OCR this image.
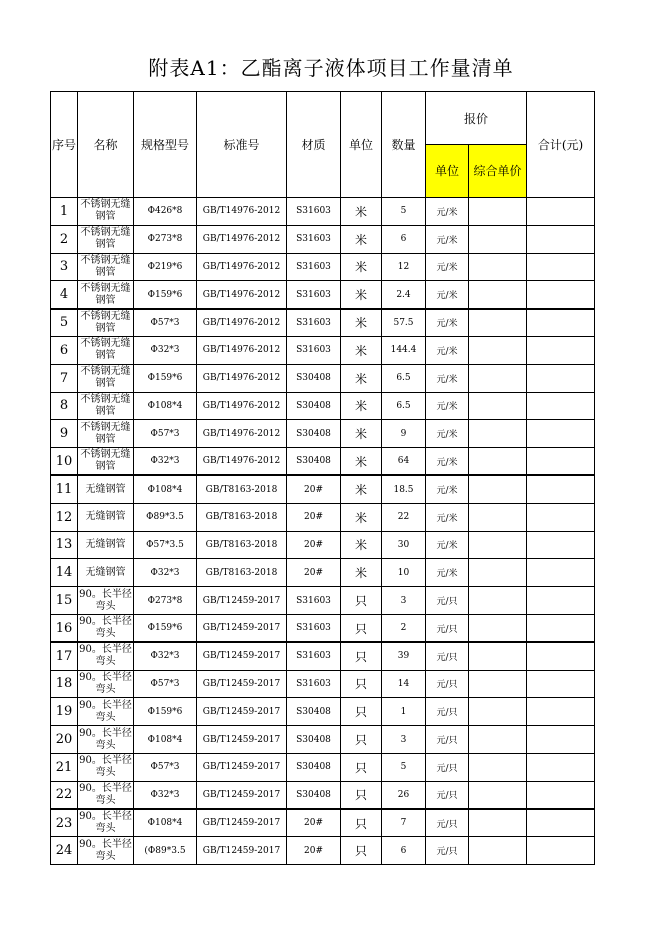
附表A1：乙酯离子液体项目工作量清单
序号	名称	规格型号	标准号	材质	单位	数量	报价		合计(元)
							单位	综合单价	
1	不锈钢无缝钢管	Φ426*8	GB/T14976-2012	S31603	米	5	元/米		
2	不锈钢无缝钢管	Φ273*8	GB/T14976-2012	S31603	米	6	元/米		
3	不锈钢无缝钢管	Φ219*6	GB/T14976-2012	S31603	米	12	元/米		
4	不锈钢无缝钢管	Φ159*6	GB/T14976-2012	S31603	米	2.4	元/米		
5	不锈钢无缝钢管	Φ57*3	GB/T14976-2012	S31603	米	57.5	元/米		
6	不锈钢无缝钢管	Φ32*3	GB/T14976-2012	S31603	米	144.4	元/米		
7	不锈钢无缝钢管	Φ159*6	GB/T14976-2012	S30408	米	6.5	元/米		
8	不锈钢无缝钢管	Φ108*4	GB/T14976-2012	S30408	米	6.5	元/米		
9	不锈钢无缝钢管	Φ57*3	GB/T14976-2012	S30408	米	9	元/米		
10	不锈钢无缝钢管	Φ32*3	GB/T14976-2012	S30408	米	64	元/米		
11	无缝钢管	Φ108*4	GB/T8163-2018	20#	米	18.5	元/米		
12	无缝钢管	Φ89*3.5	GB/T8163-2018	20#	米	22	元/米		
13	无缝钢管	Φ57*3.5	GB/T8163-2018	20#	米	30	元/米		
14	无缝钢管	Φ32*3	GB/T8163-2018	20#	米	10	元/米		
15	90。长半径弯头	Φ273*8	GB/T12459-2017	S31603	只	3	元/只		
16	90。长半径弯头	Φ159*6	GB/T12459-2017	S31603	只	2	元/只		
17	90。长半径弯头	Φ32*3	GB/T12459-2017	S31603	只	39	元/只		
18	90。长半径弯头	Φ57*3	GB/T12459-2017	S31603	只	14	元/只		
19	90。长半径弯头	Φ159*6	GB/T12459-2017	S30408	只	1	元/只		
20	90。长半径弯头	Φ108*4	GB/T12459-2017	S30408	只	3	元/只		
21	90。长半径弯头	Φ57*3	GB/T12459-2017	S30408	只	5	元/只		
22	90。长半径弯头	Φ32*3	GB/T12459-2017	S30408	只	26	元/只		
23	90。长半径弯头	Φ108*4	GB/T12459-2017	20#	只	7	元/只		
24	90。长半径弯头	(Φ89*3.5	GB/T12459-2017	20#	只	6	元/只		
